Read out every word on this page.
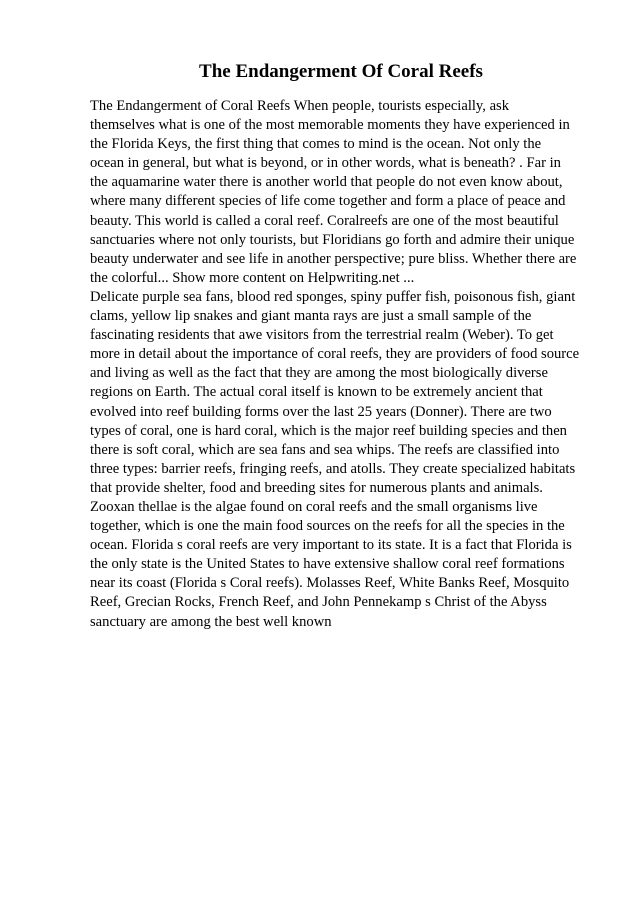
The Endangerment Of Coral Reefs

The Endangerment of Coral Reefs When people, tourists especially, ask
themselves what is one of the most memorable moments they have experienced in
the Florida Keys, the first thing that comes to mind is the ocean. Not only the
ocean in general, but what is beyond, or in other words, what is beneath? . Far in
the aquamarine water there is another world that people do not even know about,
where many different species of life come together and form a place of peace and
beauty. This world is called a coral reef. Coralreefs are one of the most beautiful
sanctuaries where not only tourists, but Floridians go forth and admire their unique
beauty underwater and see life in another perspective; pure bliss. Whether there are
the colorful... Show more content on Helpwriting.net ...
Delicate purple sea fans, blood red sponges, spiny puffer fish, poisonous fish, giant
clams, yellow lip snakes and giant manta rays are just a small sample of the
fascinating residents that awe visitors from the terrestrial realm (Weber). To get
more in detail about the importance of coral reefs, they are providers of food source
and living as well as the fact that they are among the most biologically diverse
regions on Earth. The actual coral itself is known to be extremely ancient that
evolved into reef building forms over the last 25 years (Donner). There are two
types of coral, one is hard coral, which is the major reef building species and then
there is soft coral, which are sea fans and sea whips. The reefs are classified into
three types: barrier reefs, fringing reefs, and atolls. They create specialized habitats
that provide shelter, food and breeding sites for numerous plants and animals.
Zooxan thellae is the algae found on coral reefs and the small organisms live
together, which is one the main food sources on the reefs for all the species in the
ocean. Florida s coral reefs are very important to its state. It is a fact that Florida is
the only state is the United States to have extensive shallow coral reef formations
near its coast (Florida s Coral reefs). Molasses Reef, White Banks Reef, Mosquito
Reef, Grecian Rocks, French Reef, and John Pennekamp s Christ of the Abyss
sanctuary are among the best well known
